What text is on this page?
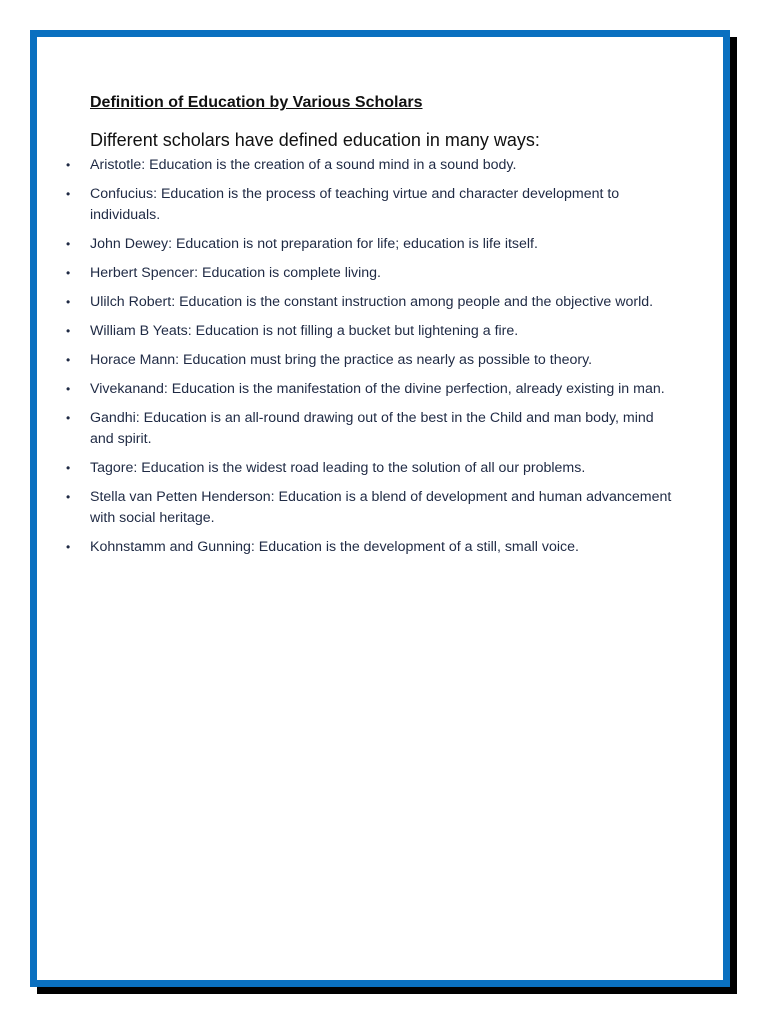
Definition of Education by Various Scholars

Different scholars have defined education in many ways:

• Aristotle: Education is the creation of a sound mind in a sound body.
• Confucius: Education is the process of teaching virtue and character development to individuals.
• John Dewey: Education is not preparation for life; education is life itself.
• Herbert Spencer: Education is complete living.
• Ulilch Robert: Education is the constant instruction among people and the objective world.
• William B Yeats: Education is not filling a bucket but lightening a fire.
• Horace Mann: Education must bring the practice as nearly as possible to theory.
• Vivekanand: Education is the manifestation of the divine perfection, already existing in man.
• Gandhi: Education is an all-round drawing out of the best in the Child and man body, mind and spirit.
• Tagore: Education is the widest road leading to the solution of all our problems.
• Stella van Petten Henderson: Education is a blend of development and human advancement with social heritage.
• Kohnstamm and Gunning: Education is the development of a still, small voice.
